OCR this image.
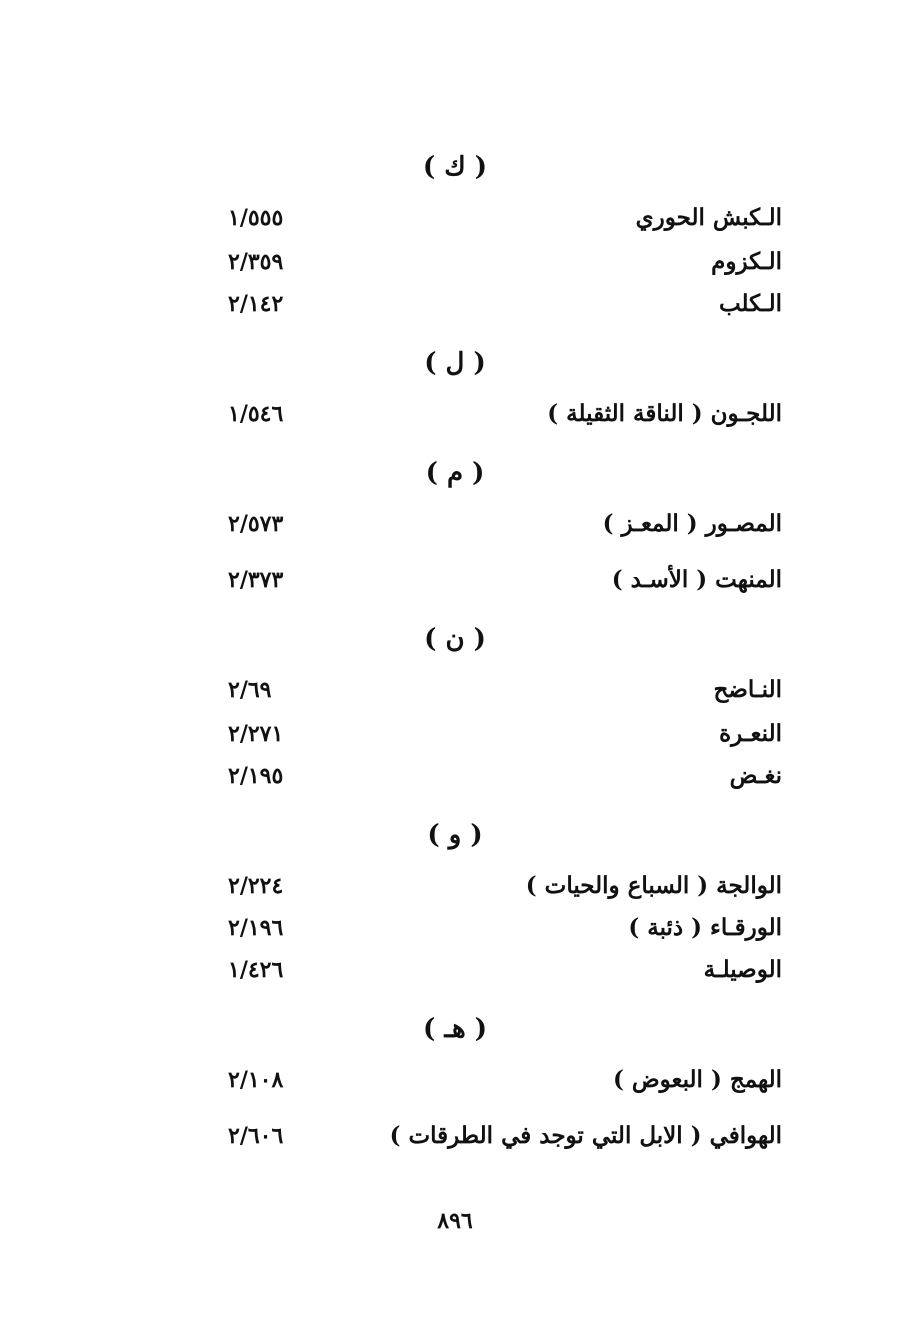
( ك )
الـكبش الحوري
١/٥٥٥
الـكزوم
٢/٣٥٩
الـكلب
٢/١٤٢
( ل )
اللجـون ( الناقة الثقيلة )
١/٥٤٦
( م )
المصـور ( المعـز )
٢/٥٧٣
المنهت ( الأسـد )
٢/٣٧٣
( ن )
النـاضح
٢/٦٩
النعـرة
٢/٢٧١
نغـض
٢/١٩٥
( و )
الوالجة ( السباع والحيات )
٢/٢٢٤
الورقـاء ( ذئبة )
٢/١٩٦
الوصيلـة
١/٤٢٦
( هـ )
الهمج ( البعوض )
٢/١٠٨
الهوافي ( الابل التي توجد في الطرقات )
٢/٦٠٦
٨٩٦
